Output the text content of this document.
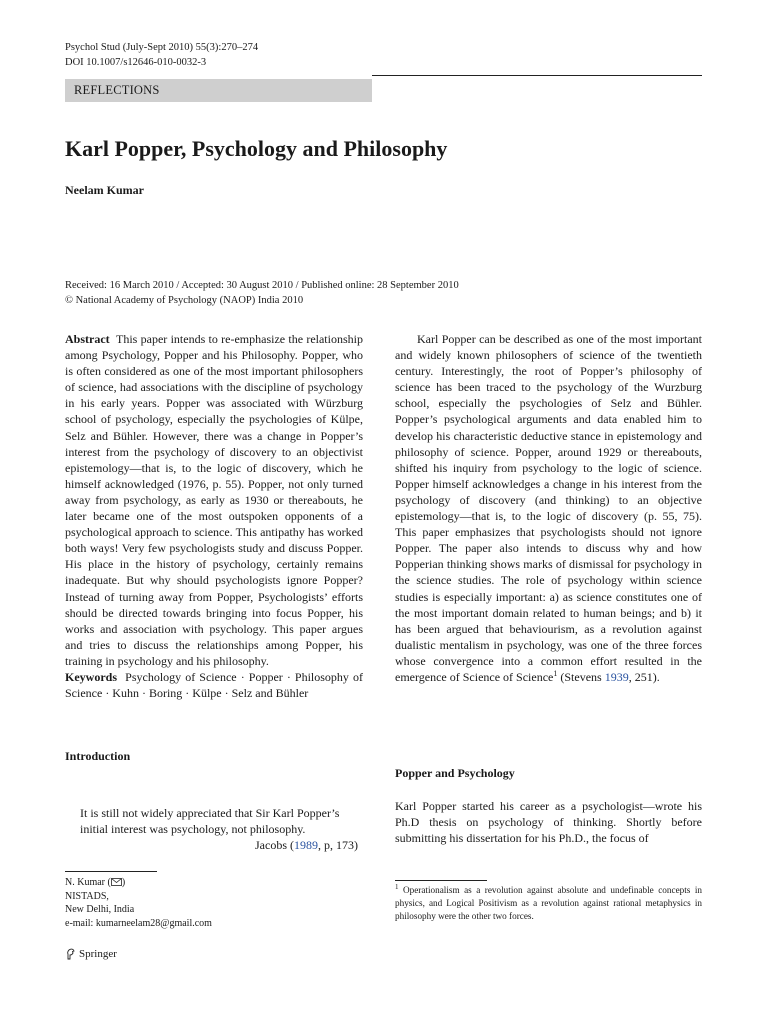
Psychol Stud (July-Sept 2010) 55(3):270–274
DOI 10.1007/s12646-010-0032-3
REFLECTIONS
Karl Popper, Psychology and Philosophy
Neelam Kumar
Received: 16 March 2010 / Accepted: 30 August 2010 / Published online: 28 September 2010
© National Academy of Psychology (NAOP) India 2010

Abstract This paper intends to re-emphasize the relationship among Psychology, Popper and his Philosophy. Popper, who is often considered as one of the most important philosophers of science, had associations with the discipline of psychology in his early years. Popper was associated with Würzburg school of psychology, especially the psychologies of Külpe, Selz and Bühler. However, there was a change in Popper’s interest from the psychology of discovery to an objectivist epistemology—that is, to the logic of discovery, which he himself acknowledged (1976, p. 55). Popper, not only turned away from psychology, as early as 1930 or thereabouts, he later became one of the most outspoken opponents of a psychological approach to science. This antipathy has worked both ways! Very few psychologists study and discuss Popper. His place in the history of psychology, certainly remains inadequate. But why should psychologists ignore Popper? Instead of turning away from Popper, Psychologists’ efforts should be directed towards bringing into focus Popper, his works and association with psychology. This paper argues and tries to discuss the relationships among Popper, his training in psychology and his philosophy.

Keywords Psychology of Science · Popper · Philosophy of Science · Kuhn · Boring · Külpe · Selz and Bühler

Introduction
It is still not widely appreciated that Sir Karl Popper’s initial interest was psychology, not philosophy.
Jacobs (1989, p, 173)
N. Kumar ( )
NISTADS,
New Delhi, India
e-mail: kumarneelam28@gmail.com
Springer

Karl Popper can be described as one of the most important and widely known philosophers of science of the twentieth century. Interestingly, the root of Popper’s philosophy of science has been traced to the psychology of the Wurzburg school, especially the psychologies of Selz and Bühler. Popper’s psychological arguments and data enabled him to develop his characteristic deductive stance in epistemology and philosophy of science. Popper, around 1929 or thereabouts, shifted his inquiry from psychology to the logic of science. Popper himself acknowledges a change in his interest from the psychology of discovery (and thinking) to an objective epistemology—that is, to the logic of discovery (p. 55, 75). This paper emphasizes that psychologists should not ignore Popper. The paper also intends to discuss why and how Popperian thinking shows marks of dismissal for psychology in the science studies. The role of psychology within science studies is especially important: a) as science constitutes one of the most important domain related to human beings; and b) it has been argued that behaviourism, as a revolution against dualistic mentalism in psychology, was one of the three forces whose convergence into a common effort resulted in the emergence of Science of Science$^1$ (Stevens 1939, 251).

Popper and Psychology
Karl Popper started his career as a psychologist—wrote his Ph.D thesis on psychology of thinking. Shortly before submitting his dissertation for his Ph.D., the focus of
$^1$ Operationalism as a revolution against absolute and undefinable concepts in physics, and Logical Positivism as a revolution against rational metaphysics in philosophy were the other two forces.
